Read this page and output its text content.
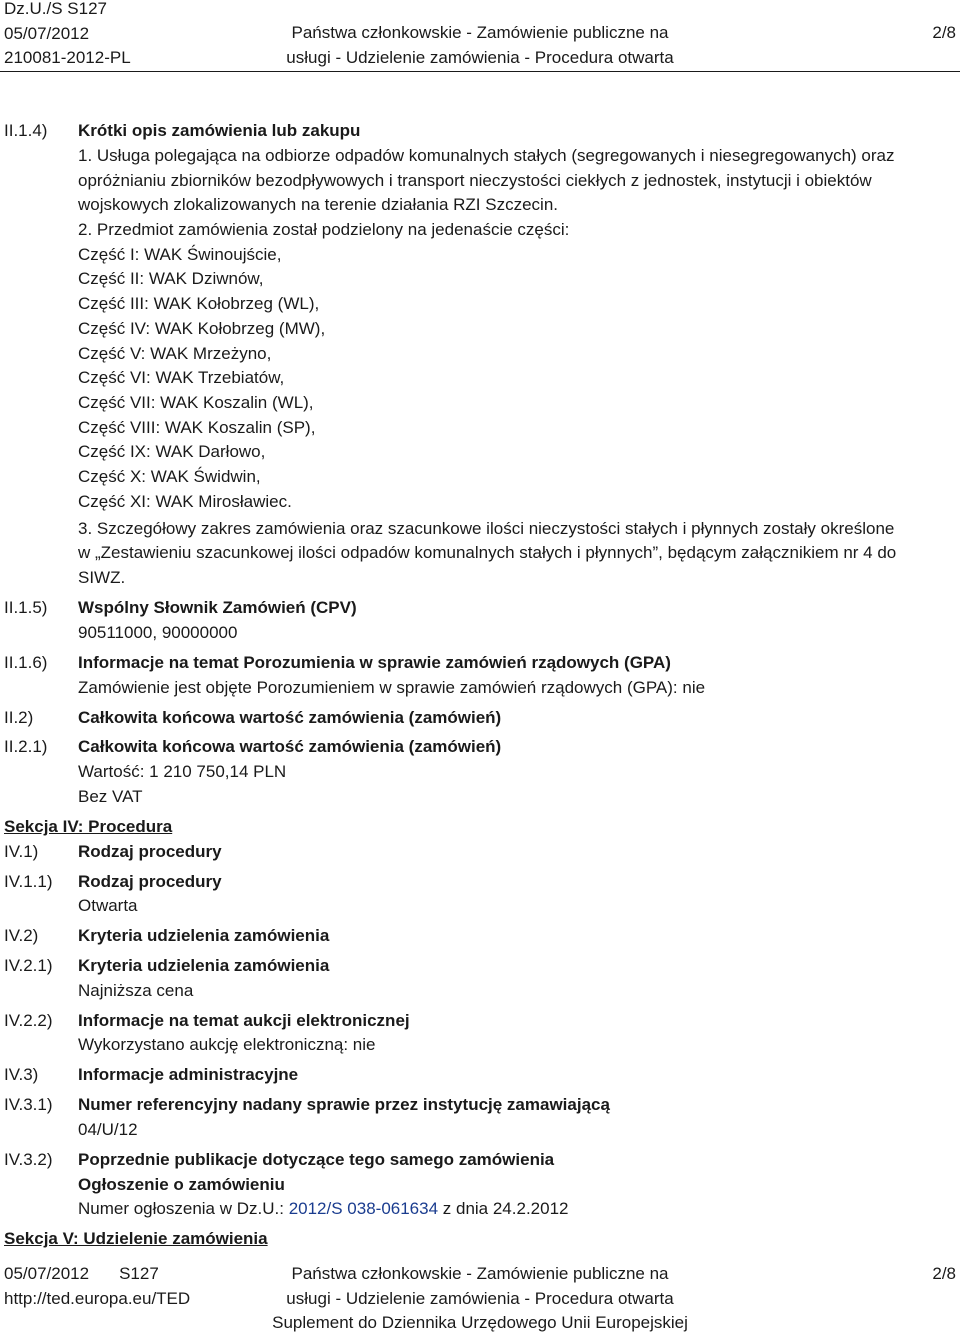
Dz.U./S S127
05/07/2012
210081-2012-PL
Państwa członkowskie - Zamówienie publiczne na
usługi - Udzielenie zamówienia - Procedura otwarta
2/8
II.1.4) Krótki opis zamówienia lub zakupu
1. Usługa polegająca na odbiorze odpadów komunalnych stałych (segregowanych i niesegregowanych) oraz
opróżnianiu zbiorników bezodpływowych i transport nieczystości ciekłych z jednostek, instytucji i obiektów
wojskowych zlokalizowanych na terenie działania RZI Szczecin.
2. Przedmiot zamówienia został podzielony na jedenaście części:
Część I: WAK Świnoujście,
Część II: WAK Dziwnów,
Część III: WAK Kołobrzeg (WL),
Część IV: WAK Kołobrzeg (MW),
Część V: WAK Mrzeżyno,
Część VI: WAK Trzebiatów,
Część VII: WAK Koszalin (WL),
Część VIII: WAK Koszalin (SP),
Część IX: WAK Darłowo,
Część X: WAK Świdwin,
Część XI: WAK Mirosławiec.
3. Szczegółowy zakres zamówienia oraz szacunkowe ilości nieczystości stałych i płynnych zostały określone
w „Zestawieniu szacunkowej ilości odpadów komunalnych stałych i płynnych”, będącym załącznikiem nr 4 do
SIWZ.
II.1.5) Wspólny Słownik Zamówień (CPV)
90511000, 90000000
II.1.6) Informacje na temat Porozumienia w sprawie zamówień rządowych (GPA)
Zamówienie jest objęte Porozumieniem w sprawie zamówień rządowych (GPA): nie
II.2)	Całkowita końcowa wartość zamówienia (zamówień)
II.2.1) Całkowita końcowa wartość zamówienia (zamówień)
Wartość: 1 210 750,14 PLN
Bez VAT
Sekcja IV: Procedura
IV.1) Rodzaj procedury
IV.1.1) Rodzaj procedury
Otwarta
IV.2) Kryteria udzielenia zamówienia
IV.2.1) Kryteria udzielenia zamówienia
Najniższa cena
IV.2.2) Informacje na temat aukcji elektronicznej
Wykorzystano aukcję elektroniczną: nie
IV.3) Informacje administracyjne
IV.3.1) Numer referencyjny nadany sprawie przez instytucję zamawiającą
04/U/12
IV.3.2) Poprzednie publikacje dotyczące tego samego zamówienia
Ogłoszenie o zamówieniu
Numer ogłoszenia w Dz.U.: 2012/S 038-061634 z dnia 24.2.2012
Sekcja V: Udzielenie zamówienia
05/07/2012 S127
http://ted.europa.eu/TED
Państwa członkowskie - Zamówienie publiczne na
usługi - Udzielenie zamówienia - Procedura otwarta
Suplement do Dziennika Urzędowego Unii Europejskiej
2/8
